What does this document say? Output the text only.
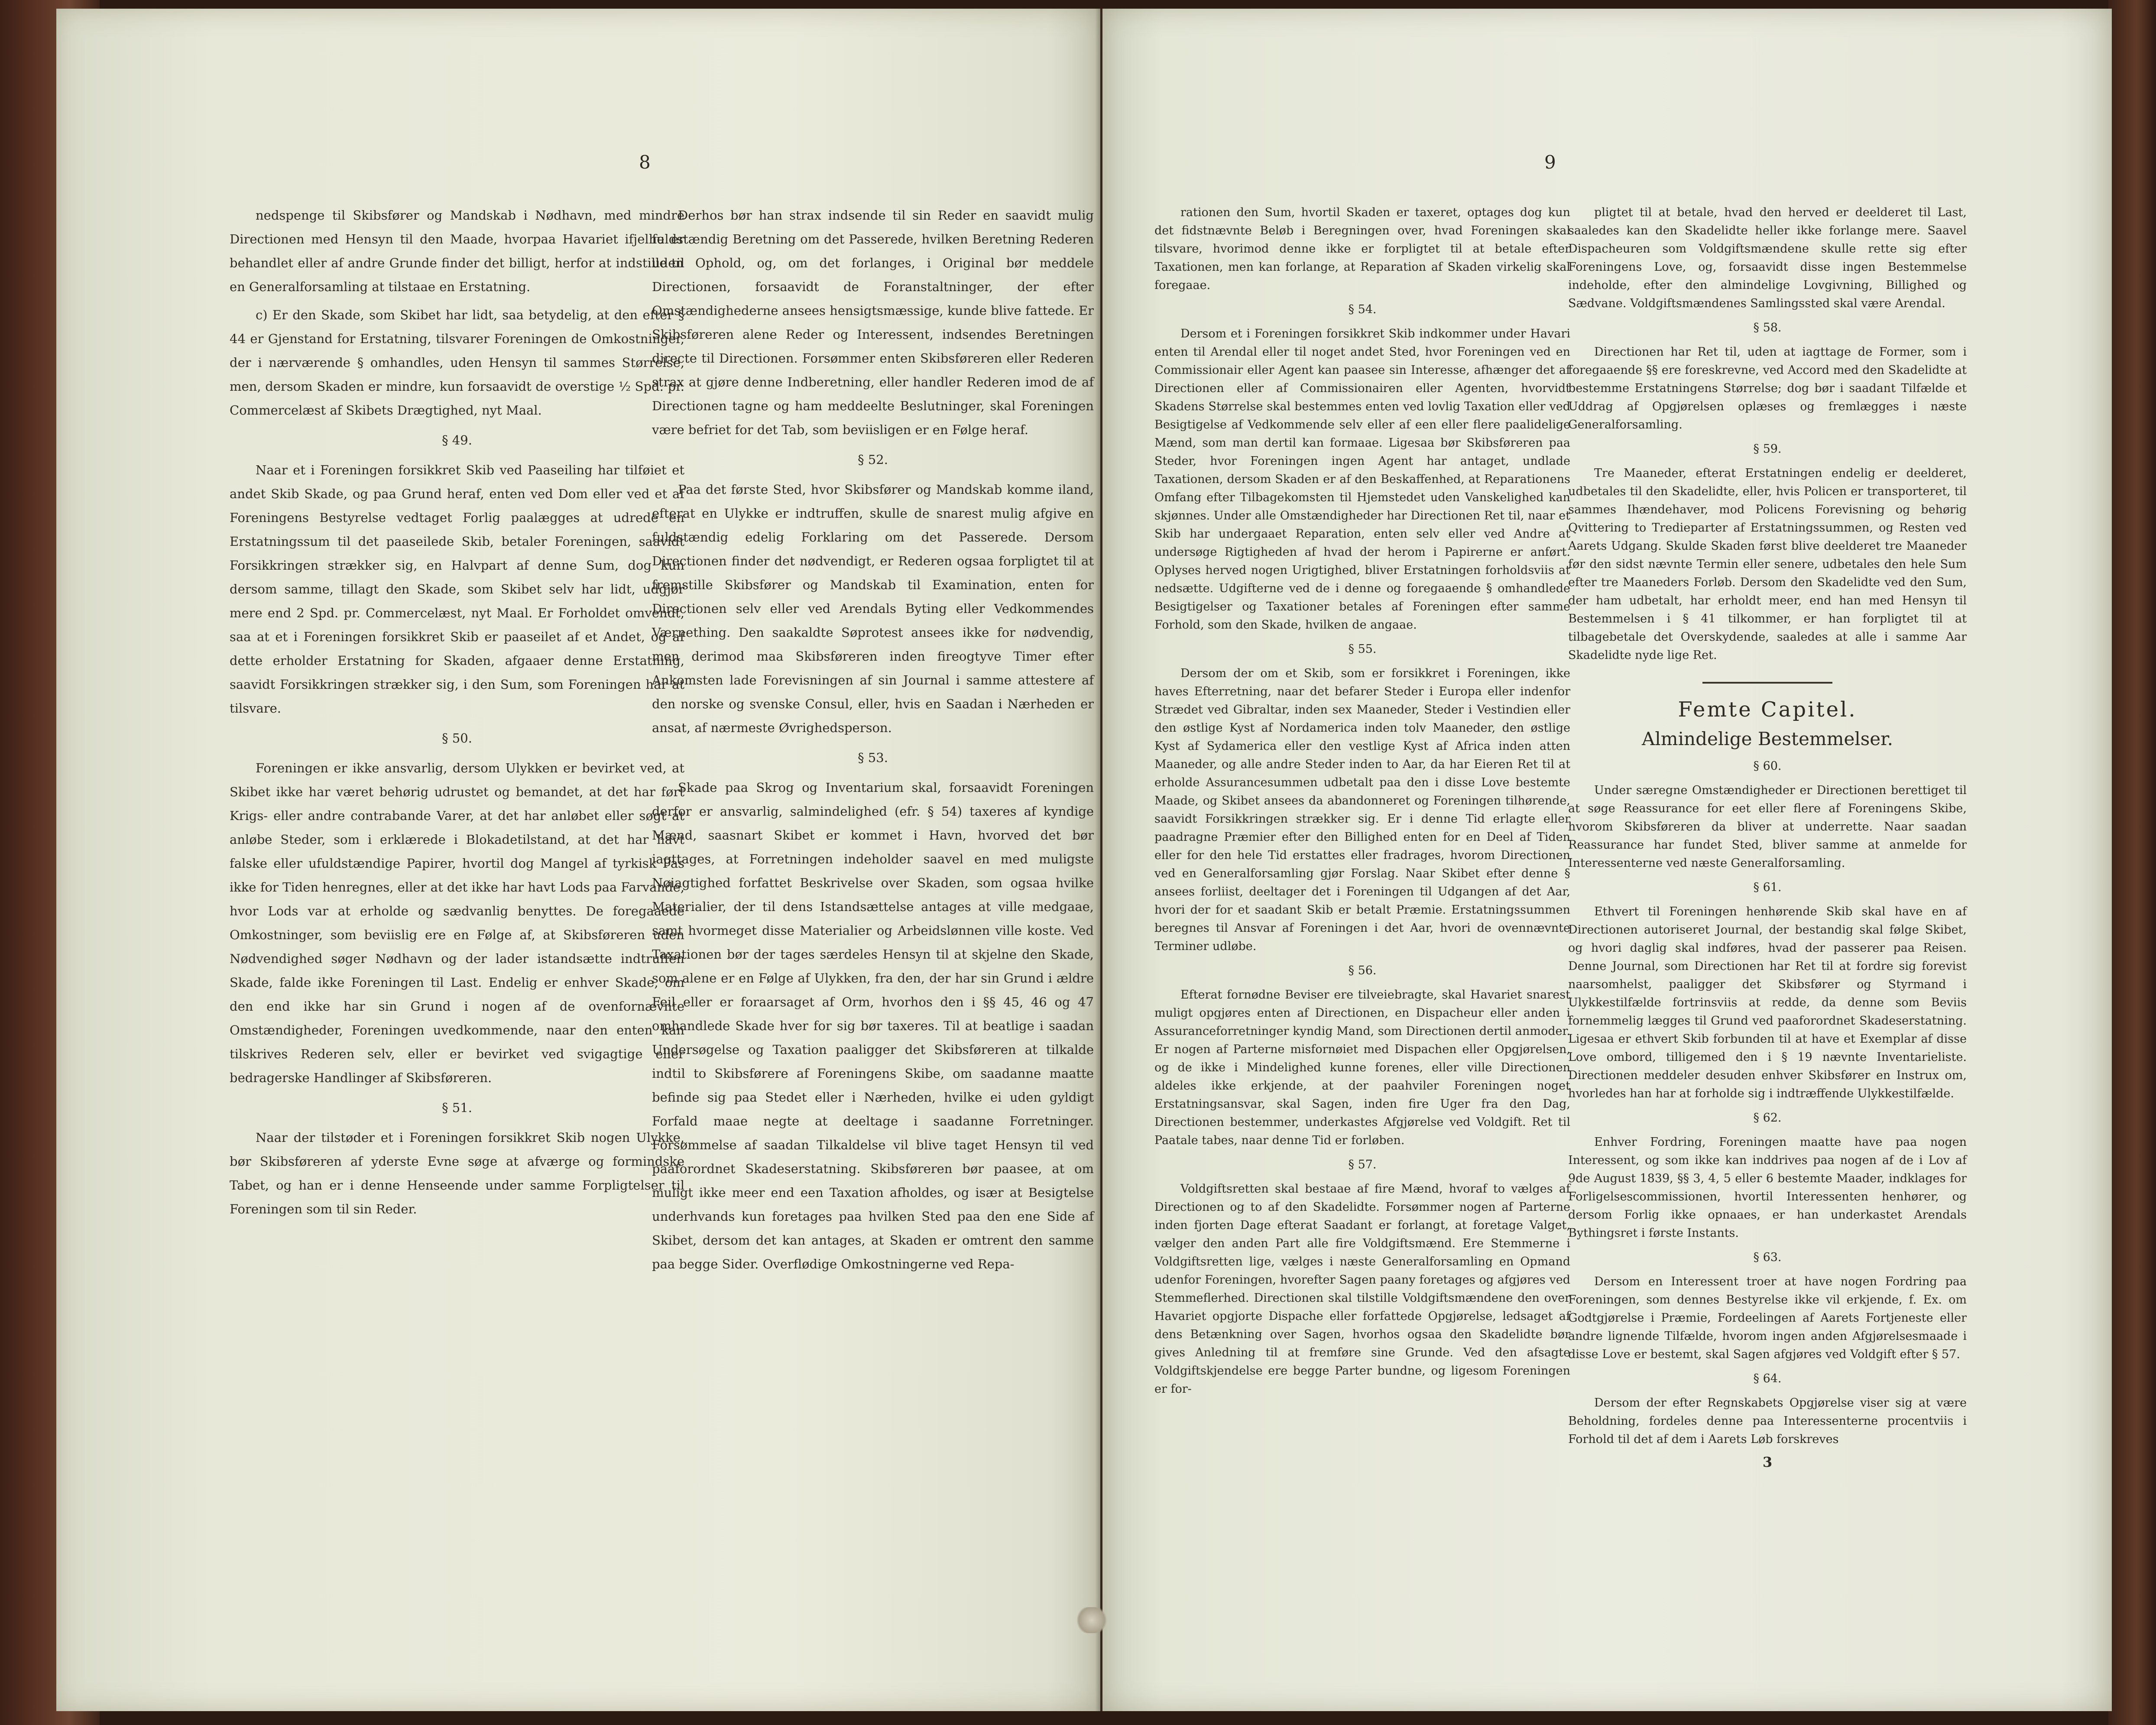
8

nedspenge til Skibsfører og Mandskab i Nødhavn, med mindre Directionen med Hensyn til den Maade, hvorpaa Havariet ifjelhe er behandlet eller af andre Grunde finder det billigt, herfor at indstille til en Generalforsamling at tilstaae en Erstatning.

c) Er den Skade, som Skibet har lidt, saa betydelig, at den efter § 44 er Gjenstand for Erstatning, tilsvarer Foreningen de Omkostninger, der i nærværende § omhandles, uden Hensyn til sammes Størrelse, men, dersom Skaden er mindre, kun forsaavidt de overstige ½ Spd. pr. Commercelæst af Skibets Drægtighed, nyt Maal.

§ 49.

Naar et i Foreningen forsikkret Skib ved Paaseiling har tilføiet et andet Skib Skade, og paa Grund heraf, enten ved Dom eller ved et af Foreningens Bestyrelse vedtaget Forlig paalægges at udrede en Erstatningssum til det paaseilede Skib, betaler Foreningen, saavidt Forsikkringen strækker sig, en Halvpart af denne Sum, dog kun dersom samme, tillagt den Skade, som Skibet selv har lidt, udgjør mere end 2 Spd. pr. Commercelæst, nyt Maal. Er Forholdet omvendt, saa at et i Foreningen forsikkret Skib er paaseilet af et Andet, og af dette erholder Erstatning for Skaden, afgaaer denne Erstatning, saavidt Forsikkringen strækker sig, i den Sum, som Foreningen har at tilsvare.

§ 50.

Foreningen er ikke ansvarlig, dersom Ulykken er bevirket ved, at Skibet ikke har været behørig udrustet og bemandet, at det har ført Krigs- eller andre contrabande Varer, at det har anløbet eller søgt at anløbe Steder, som i erklærede i Blokadetilstand, at det har havt falske eller ufuldstændige Papirer, hvortil dog Mangel af tyrkisk Pas ikke for Tiden henregnes, eller at det ikke har havt Lods paa Farvande, hvor Lods var at erholde og sædvanlig benyttes. De foregaaede Omkostninger, som beviislig ere en Følge af, at Skibsføreren uden Nødvendighed søger Nødhavn og der lader istandsætte indtruffen Skade, falde ikke Foreningen til Last. Endelig er enhver Skade, om den end ikke har sin Grund i nogen af de ovenfornævnte Omstændigheder, Foreningen uvedkommende, naar den enten kan tilskrives Rederen selv, eller er bevirket ved svigagtige eller bedragerske Handlinger af Skibsføreren.

§ 51.

Naar der tilstøder et i Foreningen forsikkret Skib nogen Ulykke, bør Skibsføreren af yderste Evne søge at afværge og formindske Tabet, og han er i denne Henseende under samme Forpligtelser til Foreningen som til sin Reder.

Derhos bør han strax indsende til sin Reder en saavidt mulig fuldstændig Beretning om det Passerede, hvilken Beretning Rederen uden Ophold, og, om det forlanges, i Original bør meddele Directionen, forsaavidt de Foranstaltninger, der efter Omstændighederne ansees hensigtsmæssige, kunde blive fattede. Er Skibsføreren alene Reder og Interessent, indsendes Beretningen directe til Directionen. Forsømmer enten Skibsføreren eller Rederen strax at gjøre denne Indberetning, eller handler Rederen imod de af Directionen tagne og ham meddeelte Beslutninger, skal Foreningen være befriet for det Tab, som beviisligen er en Følge heraf.

§ 52.

Paa det første Sted, hvor Skibsfører og Mandskab komme iland, efterat en Ulykke er indtruffen, skulle de snarest mulig afgive en fuldstændig edelig Forklaring om det Passerede. Dersom Directionen finder det nødvendigt, er Rederen ogsaa forpligtet til at fremstille Skibsfører og Mandskab til Examination, enten for Directionen selv eller ved Arendals Byting eller Vedkommendes Værnething. Den saakaldte Søprotest ansees ikke for nødvendig, men derimod maa Skibsføreren inden fireogtyve Timer efter Ankomsten lade Forevisningen af sin Journal i samme attestere af den norske og svenske Consul, eller, hvis en Saadan i Nærheden er ansat, af nærmeste Øvrighedsperson.

§ 53.

Skade paa Skrog og Inventarium skal, forsaavidt Foreningen derfor er ansvarlig, salmindelighed (efr. § 54) taxeres af kyndige Mænd, saasnart Skibet er kommet i Havn, hvorved det bør iagttages, at Forretningen indeholder saavel en med muligste Nøiagtighed forfattet Beskrivelse over Skaden, som ogsaa hvilke Materialier, der til dens Istandsættelse antages at ville medgaae, samt hvormeget disse Materialier og Arbeidslønnen ville koste. Ved Taxationen bør der tages særdeles Hensyn til at skjelne den Skade, som alene er en Følge af Ulykken, fra den, der har sin Grund i ældre Feil eller er foraarsaget af Orm, hvorhos den i §§ 45, 46 og 47 omhandlede Skade hver for sig bør taxeres. Til at beatlige i saadan Undersøgelse og Taxation paaligger det Skibsføreren at tilkalde indtil to Skibsførere af Foreningens Skibe, om saadanne maatte befinde sig paa Stedet eller i Nærheden, hvilke ei uden gyldigt Forfald maae negte at deeltage i saadanne Forretninger. Forsømmelse af saadan Tilkaldelse vil blive taget Hensyn til ved paaforordnet Skadeserstatning. Skibsføreren bør paasee, at om muligt ikke meer end een Taxation afholdes, og især at Besigtelse underhvands kun foretages paa hvilken Sted paa den ene Side af Skibet, dersom det kan antages, at Skaden er omtrent den samme paa begge Sider. Overflødige Omkostningerne ved Repa-

9

rationen den Sum, hvortil Skaden er taxeret, optages dog kun det fidstnævnte Beløb i Beregningen over, hvad Foreningen skal tilsvare, hvorimod denne ikke er forpligtet til at betale efter Taxationen, men kan forlange, at Reparation af Skaden virkelig skal foregaae.

§ 54.

Dersom et i Foreningen forsikkret Skib indkommer under Havari enten til Arendal eller til noget andet Sted, hvor Foreningen ved en Commissionair eller Agent kan paasee sin Interesse, afhænger det af Directionen eller af Commissionairen eller Agenten, hvorvidt Skadens Størrelse skal bestemmes enten ved lovlig Taxation eller ved Besigtigelse af Vedkommende selv eller af een eller flere paalidelige Mænd, som man dertil kan formaae. Ligesaa bør Skibsføreren paa Steder, hvor Foreningen ingen Agent har antaget, undlade Taxationen, dersom Skaden er af den Beskaffenhed, at Reparationens Omfang efter Tilbagekomsten til Hjemstedet uden Vanskelighed kan skjønnes. Under alle Omstændigheder har Directionen Ret til, naar et Skib har undergaaet Reparation, enten selv eller ved Andre at undersøge Rigtigheden af hvad der herom i Papirerne er anført. Oplyses herved nogen Urigtighed, bliver Erstatningen forholdsviis at nedsætte. Udgifterne ved de i denne og foregaaende § omhandlede Besigtigelser og Taxationer betales af Foreningen efter samme Forhold, som den Skade, hvilken de angaae.

§ 55.

Dersom der om et Skib, som er forsikkret i Foreningen, ikke haves Efterretning, naar det befarer Steder i Europa eller indenfor Strædet ved Gibraltar, inden sex Maaneder, Steder i Vestindien eller den østlige Kyst af Nordamerica inden tolv Maaneder, den østlige Kyst af Sydamerica eller den vestlige Kyst af Africa inden atten Maaneder, og alle andre Steder inden to Aar, da har Eieren Ret til at erholde Assurancesummen udbetalt paa den i disse Love bestemte Maade, og Skibet ansees da abandonneret og Foreningen tilhørende, saavidt Forsikkringen strækker sig. Er i denne Tid erlagte eller paadragne Præmier efter den Billighed enten for en Deel af Tiden eller for den hele Tid erstattes eller fradrages, hvorom Directionen ved en Generalforsamling gjør Forslag. Naar Skibet efter denne § ansees forliist, deeltager det i Foreningen til Udgangen af det Aar, hvori der for et saadant Skib er betalt Præmie. Erstatningssummen beregnes til Ansvar af Foreningen i det Aar, hvori de ovennævnte Terminer udløbe.

§ 56.

Efterat fornødne Beviser ere tilveiebragte, skal Havariet snarest muligt opgjøres enten af Directionen, en Dispacheur eller anden i Assuranceforretninger kyndig Mand, som Directionen dertil anmoder. Er nogen af Parterne misfornøiet med Dispachen eller Opgjørelsen, og de ikke i Mindelighed kunne forenes, eller ville Directionen aldeles ikke erkjende, at der paahviler Foreningen noget Erstatningsansvar, skal Sagen, inden fire Uger fra den Dag, Directionen bestemmer, underkastes Afgjørelse ved Voldgift. Ret til Paatale tabes, naar denne Tid er forløben.

§ 57.

Voldgiftsretten skal bestaae af fire Mænd, hvoraf to vælges af Directionen og to af den Skadelidte. Forsømmer nogen af Parterne inden fjorten Dage efterat Saadant er forlangt, at foretage Valget, vælger den anden Part alle fire Voldgiftsmænd. Ere Stemmerne i Voldgiftsretten lige, vælges i næste Generalforsamling en Opmand udenfor Foreningen, hvorefter Sagen paany foretages og afgjøres ved Stemmeflerhed. Directionen skal tilstille Voldgiftsmændene den over Havariet opgjorte Dispache eller forfattede Opgjørelse, ledsaget af dens Betænkning over Sagen, hvorhos ogsaa den Skadelidte bør gives Anledning til at fremføre sine Grunde. Ved den afsagte Voldgiftskjendelse ere begge Parter bundne, og ligesom Foreningen er for-

pligtet til at betale, hvad den herved er deelderet til Last, saaledes kan den Skadelidte heller ikke forlange mere. Saavel Dispacheuren som Voldgiftsmændene skulle rette sig efter Foreningens Love, og, forsaavidt disse ingen Bestemmelse indeholde, efter den almindelige Lovgivning, Billighed og Sædvane. Voldgiftsmændenes Samlingssted skal være Arendal.

§ 58.

Directionen har Ret til, uden at iagttage de Former, som i foregaaende §§ ere foreskrevne, ved Accord med den Skadelidte at bestemme Erstatningens Størrelse; dog bør i saadant Tilfælde et Uddrag af Opgjørelsen oplæses og fremlægges i næste Generalforsamling.

§ 59.

Tre Maaneder, efterat Erstatningen endelig er deelderet, udbetales til den Skadelidte, eller, hvis Policen er transporteret, til sammes Ihændehaver, mod Policens Forevisning og behørig Qvittering to Tredieparter af Erstatningssummen, og Resten ved Aarets Udgang. Skulde Skaden først blive deelderet tre Maaneder før den sidst nævnte Termin eller senere, udbetales den hele Sum efter tre Maaneders Forløb. Dersom den Skadelidte ved den Sum, der ham udbetalt, har erholdt meer, end han med Hensyn til Bestemmelsen i § 41 tilkommer, er han forpligtet til at tilbagebetale det Overskydende, saaledes at alle i samme Aar Skadelidte nyde lige Ret.

Femte Capitel.

Almindelige Bestemmelser.

§ 60.

Under særegne Omstændigheder er Directionen berettiget til at søge Reassurance for eet eller flere af Foreningens Skibe, hvorom Skibsføreren da bliver at underrette. Naar saadan Reassurance har fundet Sted, bliver samme at anmelde for Interessenterne ved næste Generalforsamling.

§ 61.

Ethvert til Foreningen henhørende Skib skal have en af Directionen autoriseret Journal, der bestandig skal følge Skibet, og hvori daglig skal indføres, hvad der passerer paa Reisen. Denne Journal, som Directionen har Ret til at fordre sig forevist naarsomhelst, paaligger det Skibsfører og Styrmand i Ulykkestilfælde fortrinsviis at redde, da denne som Beviis fornemmelig lægges til Grund ved paaforordnet Skadeserstatning. Ligesaa er ethvert Skib forbunden til at have et Exemplar af disse Love ombord, tilligemed den i § 19 nævnte Inventarieliste. Directionen meddeler desuden enhver Skibsfører en Instrux om, hvorledes han har at forholde sig i indtræffende Ulykkestilfælde.

§ 62.

Enhver Fordring, Foreningen maatte have paa nogen Interessent, og som ikke kan inddrives paa nogen af de i Lov af 9de August 1839, §§ 3, 4, 5 eller 6 bestemte Maader, indklages for Forligelsescommissionen, hvortil Interessenten henhører, og dersom Forlig ikke opnaaes, er han underkastet Arendals Bythingsret i første Instants.

§ 63.

Dersom en Interessent troer at have nogen Fordring paa Foreningen, som dennes Bestyrelse ikke vil erkjende, f. Ex. om Godtgjørelse i Præmie, Fordeelingen af Aarets Fortjeneste eller andre lignende Tilfælde, hvorom ingen anden Afgjørelsesmaade i disse Love er bestemt, skal Sagen afgjøres ved Voldgift efter § 57.

§ 64.

Dersom der efter Regnskabets Opgjørelse viser sig at være Beholdning, fordeles denne paa Interessenterne procentviis i Forhold til det af dem i Aarets Løb forskreves

3
